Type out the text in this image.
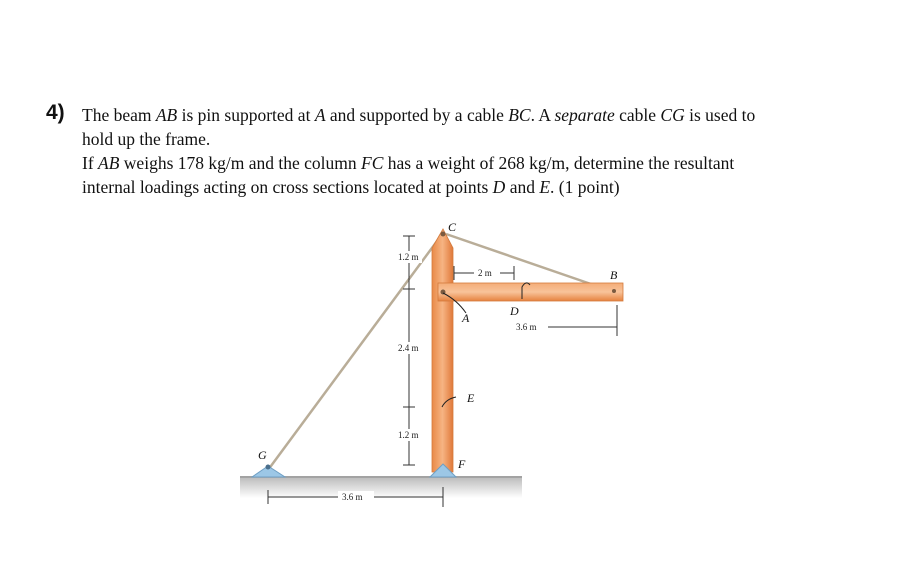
4) The beam AB is pin supported at A and supported by a cable BC. A separate cable CG is used to
hold up the frame.
If AB weighs 178 kg/m and the column FC has a weight of 268 kg/m, determine the resultant
internal loadings acting on cross sections located at points D and E. (1 point)
1.2 m
2 m
3.6 m
2.4 m
1.2 m
3.6 m
C
B
A	D
E
F
G
